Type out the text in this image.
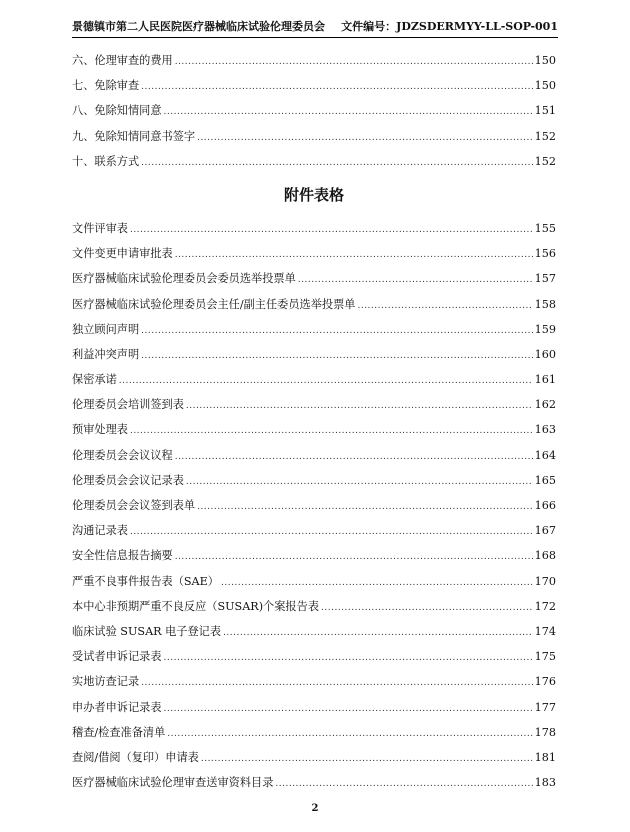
景德镇市第二人民医院医疗器械临床试验伦理委员会 文件编号：JDZSDERMYY-LL-SOP-001
六、伦理审查的费用 .....	150
七、免除审查 .....	150
八、免除知情同意 .....	151
九、免除知情同意书签字 .....	152
十、联系方式 .....	152
附件表格
文件评审表 .....	155
文件变更申请审批表 .....	156
医疗器械临床试验伦理委员会委员选举投票单 .....	157
医疗器械临床试验伦理委员会主任/副主任委员选举投票单 .....	158
独立顾问声明 .....	159
利益冲突声明 .....	160
保密承诺 .....	161
伦理委员会培训签到表 .....	162
预审处理表 .....	163
伦理委员会会议议程 .....	164
伦理委员会会议记录表 .....	165
伦理委员会会议签到表单 .....	166
沟通记录表 .....	167
安全性信息报告摘要 .....	168
严重不良事件报告表（SAE） .....	170
本中心非预期严重不良反应（SUSAR)个案报告表 .....	172
临床试验 SUSAR 电子登记表 .....	174
受试者申诉记录表 .....	175
实地访查记录 .....	176
申办者申诉记录表 .....	177
稽查/检查准备清单 .....	178
查阅/借阅（复印）申请表 .....	181
医疗器械临床试验伦理审查送审资料目录 .....	183
2
